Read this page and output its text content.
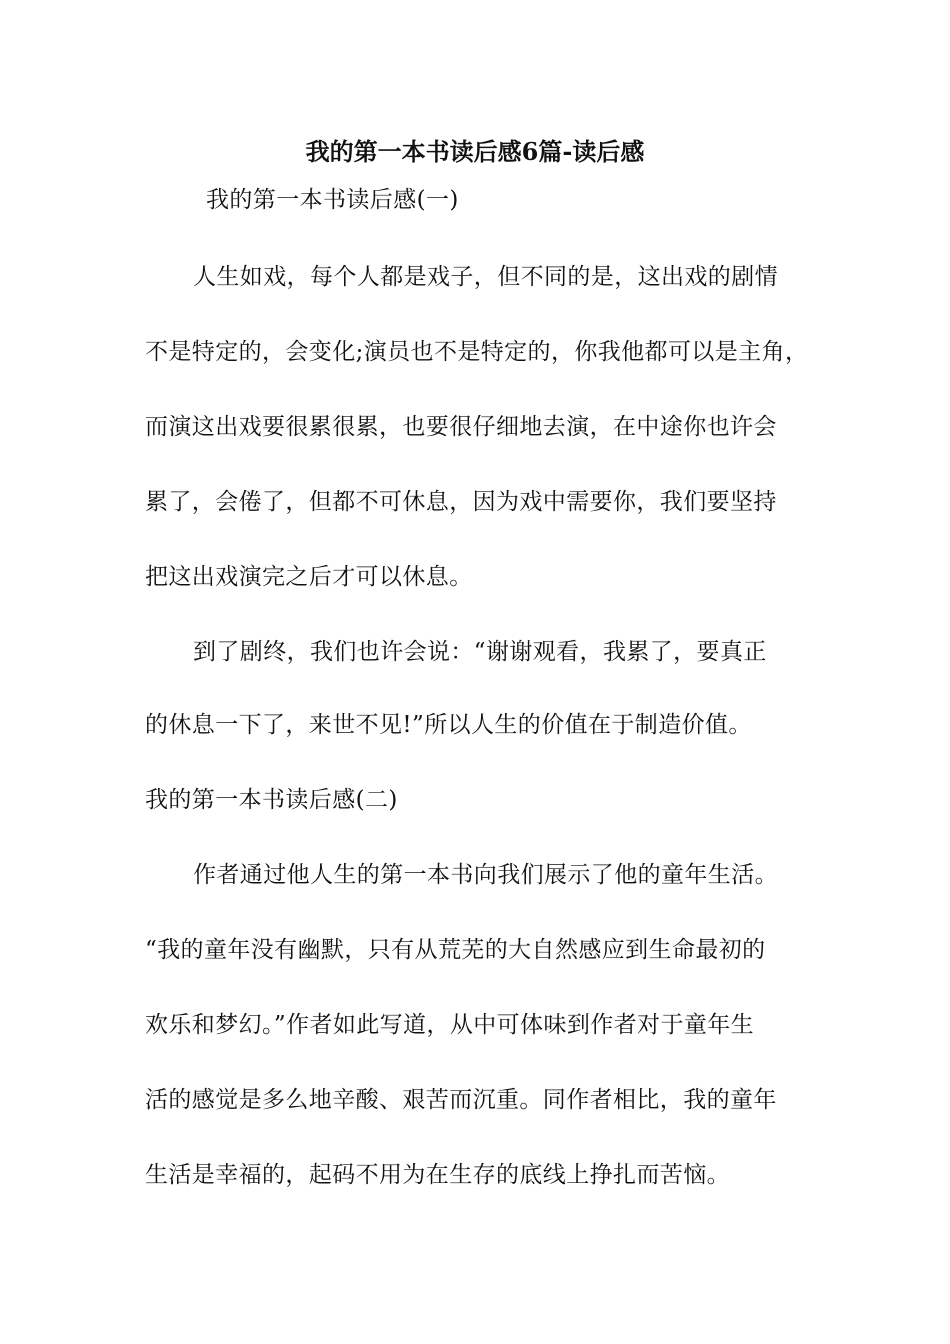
我的第一本书读后感6篇-读后感
我的第一本书读后感(一)
人生如戏，每个人都是戏子，但不同的是，这出戏的剧情
不是特定的，会变化;演员也不是特定的，你我他都可以是主角，
而演这出戏要很累很累，也要很仔细地去演，在中途你也许会
累了，会倦了，但都不可休息，因为戏中需要你，我们要坚持
把这出戏演完之后才可以休息。
到了剧终，我们也许会说：“谢谢观看，我累了，要真正
的休息一下了，来世不见!”所以人生的价值在于制造价值。
我的第一本书读后感(二)
作者通过他人生的第一本书向我们展示了他的童年生活。
“我的童年没有幽默，只有从荒芜的大自然感应到生命最初的
欢乐和梦幻。”作者如此写道，从中可体味到作者对于童年生
活的感觉是多么地辛酸、艰苦而沉重。同作者相比，我的童年
生活是幸福的，起码不用为在生存的底线上挣扎而苦恼。
